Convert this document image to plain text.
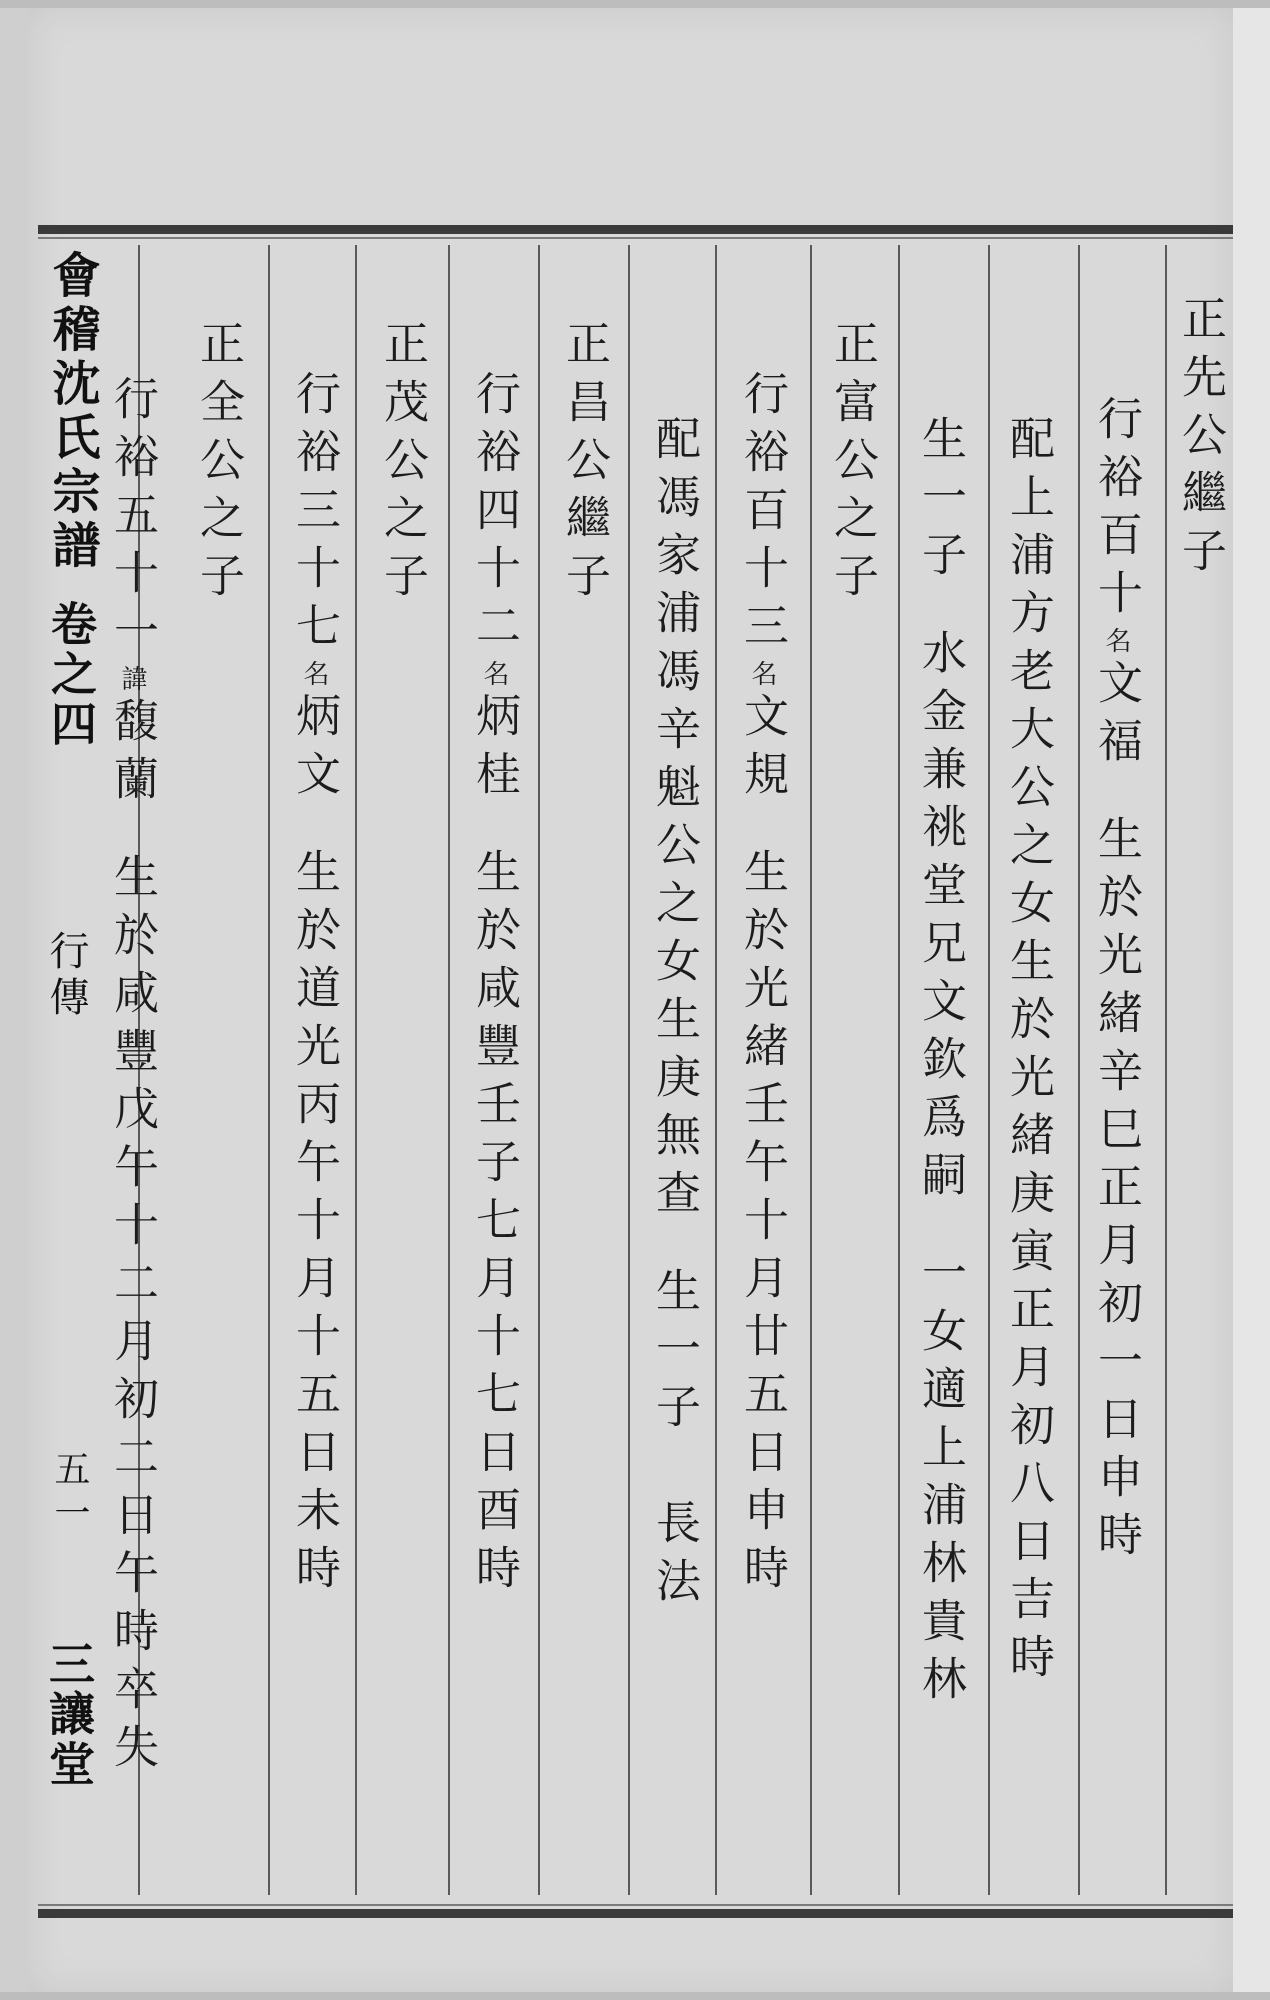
會稽沈氏宗譜
卷之四
行傳
五一
三讓堂
正先公繼子
行裕百十名文福生於光緒辛巳正月初一日申時
配上浦方老大公之女生於光緒庚寅正月初八日吉時
生一子水金兼祧堂兄文欽爲嗣一女適上浦林貴林
正富公之子
行裕百十三名文規生於光緒壬午十月廿五日申時
配馮家浦馮辛魁公之女生庚無查生一子　長法
正昌公繼子
行裕四十二名炳桂生於咸豐壬子七月十七日酉時
正茂公之子
行裕三十七名炳文生於道光丙午十月十五日未時
正全公之子
行裕五十一諱馥蘭生於咸豐戊午十二月初二日午時卒失
